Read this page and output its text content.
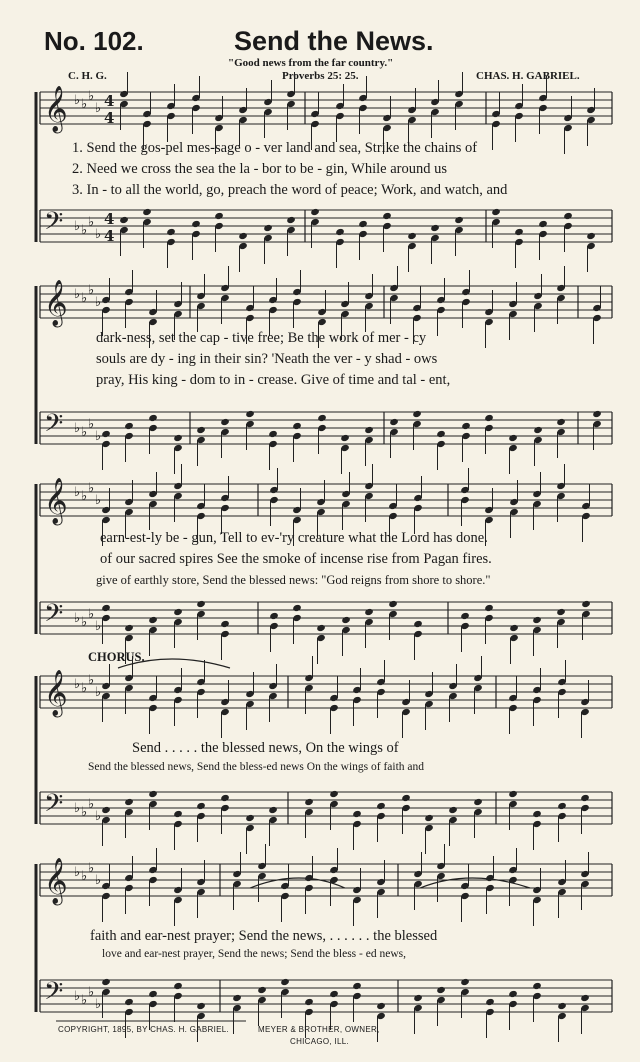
No. 102.	Send the News.
"Good news from the far country."
C. H. G.	Proverbs 25: 25.	CHAS. H. GABRIEL.
𝄞 ♭ ♭
♭
♭ 4
4
𝄢 ♭ ♭
♭
♭
4
4
𝄞 ♭ ♭
♭
♭
𝄢 ♭ ♭
♭
♭
𝄞 ♭ ♭
♭
♭
𝄢 ♭ ♭
♭
♭
𝄞 ♭ ♭
♭
♭
𝄢 ♭ ♭
♭
♭
𝄞 ♭ ♭
♭
♭
𝄢 ♭ ♭
♭
♭
1. Send the gos-pel mes-sage o - ver land and sea, Strike the chains of
2. Need we cross the sea the la - bor to be - gin, While around us
3. In - to all the world, go, preach the word of peace; Work, and watch, and
dark-ness, set the cap - tive free; Be the work of mer - cy
souls are dy - ing in their sin? 'Neath the ver - y shad - ows
pray, His king - dom to in - crease. Give of time and tal - ent,
earn-est-ly be - gun, Tell to ev-'ry creature what the Lord has done.
of our sacred spires See the smoke of incense rise from Pagan fires.
give of earthly store, Send the blessed news: "God reigns from shore to shore."
CHORUS.
Send . . . . . the blessed news, On the wings of
Send the blessed news, Send the bless-ed news On the wings of faith and
faith and ear-nest prayer; Send the news, . . . . . . the blessed
love and ear-nest prayer, Send the news; Send the bless - ed news,
COPYRIGHT, 1895, BY CHAS. H. GABRIEL.	MEYER & BROTHER, OWNER,
CHICAGO, ILL.
